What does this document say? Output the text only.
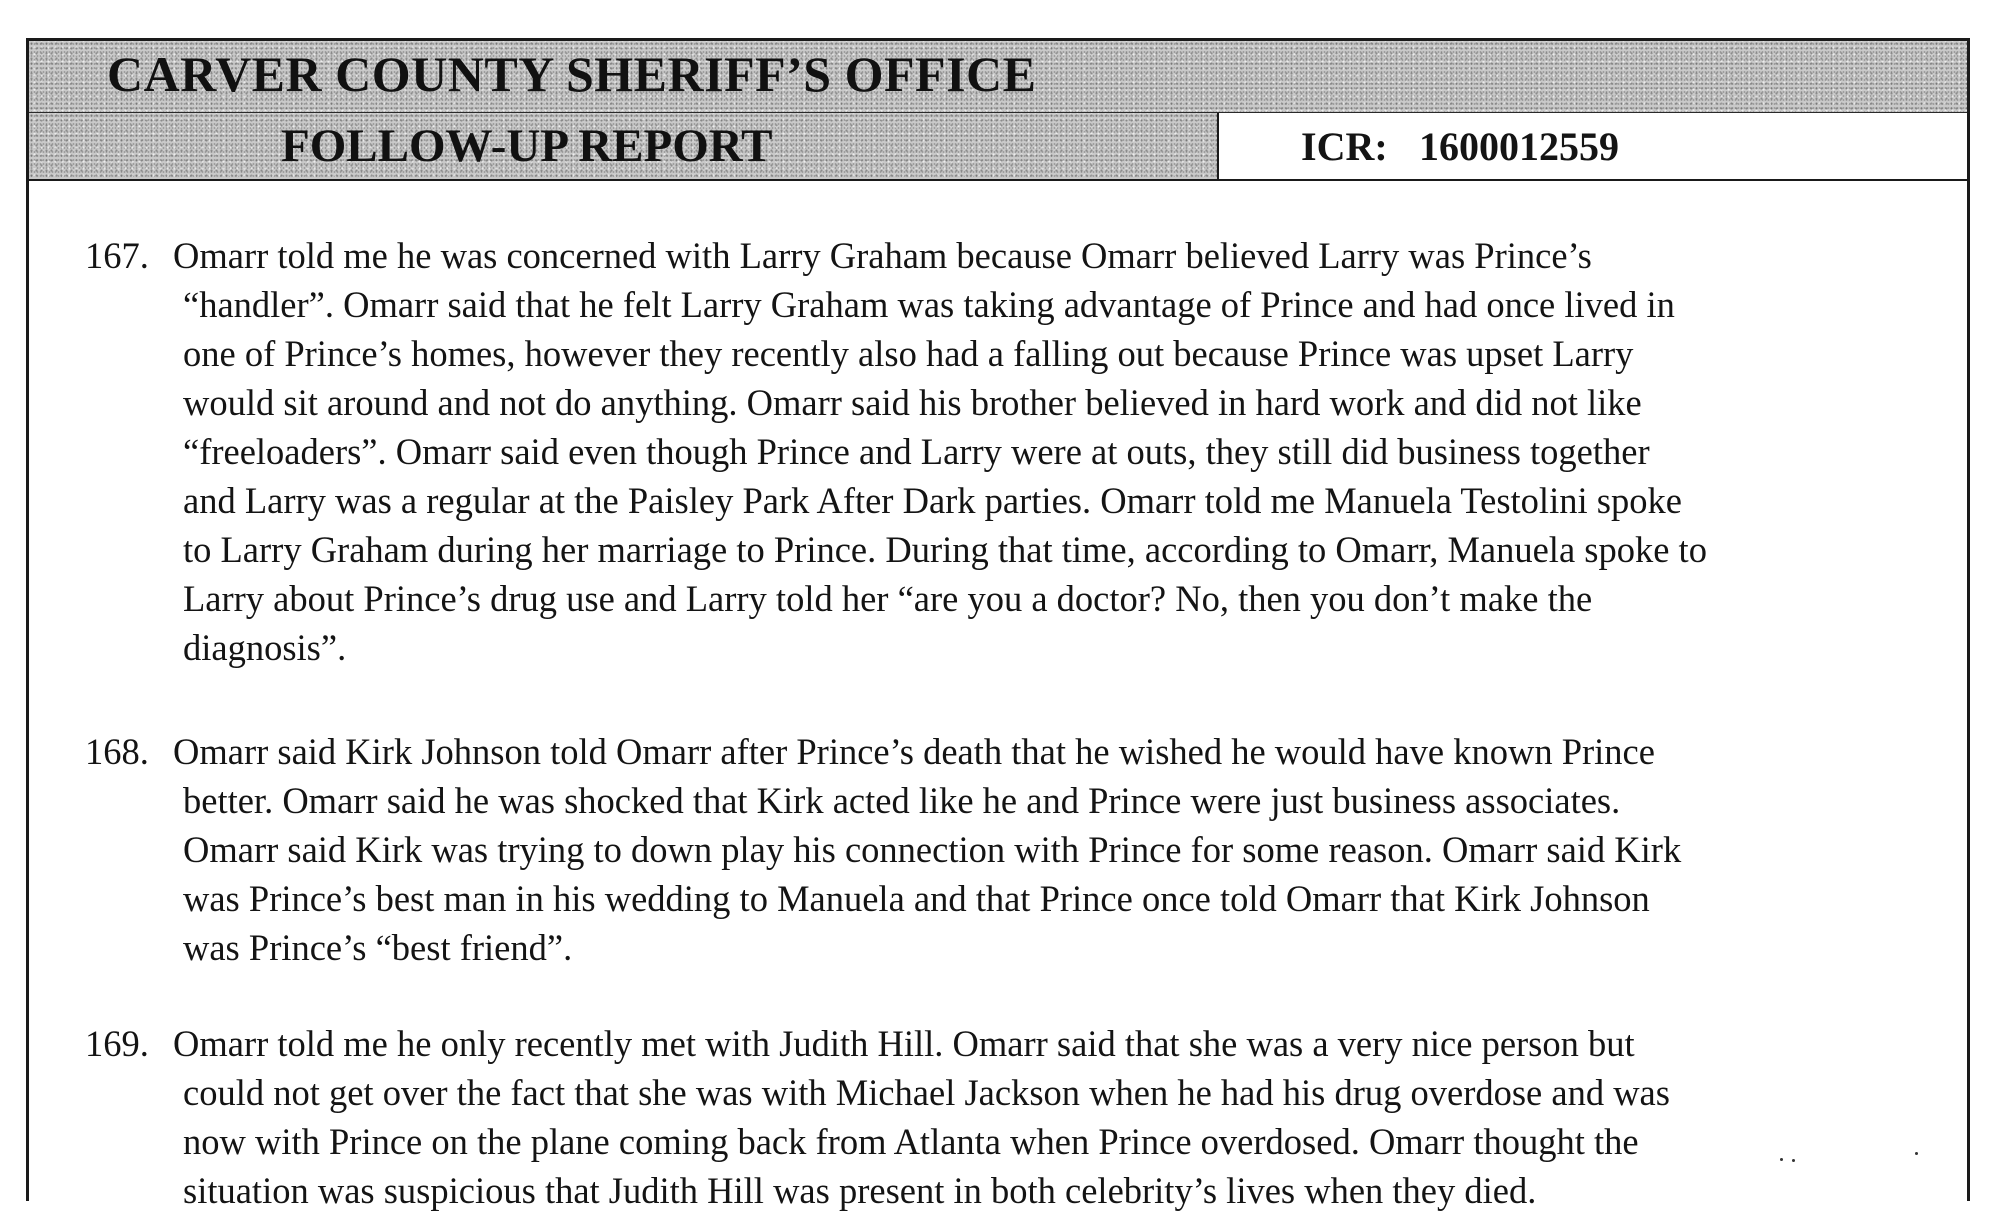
CARVER COUNTY SHERIFF’S OFFICE
FOLLOW-UP REPORT	ICR: 1600012559
167. Omarr told me he was concerned with Larry Graham because Omarr believed Larry was Prince’s
“handler”. Omarr said that he felt Larry Graham was taking advantage of Prince and had once lived in
one of Prince’s homes, however they recently also had a falling out because Prince was upset Larry
would sit around and not do anything. Omarr said his brother believed in hard work and did not like
“freeloaders”. Omarr said even though Prince and Larry were at outs, they still did business together
and Larry was a regular at the Paisley Park After Dark parties. Omarr told me Manuela Testolini spoke
to Larry Graham during her marriage to Prince. During that time, according to Omarr, Manuela spoke to
Larry about Prince’s drug use and Larry told her “are you a doctor? No, then you don’t make the
diagnosis”.
168. Omarr said Kirk Johnson told Omarr after Prince’s death that he wished he would have known Prince
better. Omarr said he was shocked that Kirk acted like he and Prince were just business associates.
Omarr said Kirk was trying to down play his connection with Prince for some reason. Omarr said Kirk
was Prince’s best man in his wedding to Manuela and that Prince once told Omarr that Kirk Johnson
was Prince’s “best friend”.
169. Omarr told me he only recently met with Judith Hill. Omarr said that she was a very nice person but
could not get over the fact that she was with Michael Jackson when he had his drug overdose and was
now with Prince on the plane coming back from Atlanta when Prince overdosed. Omarr thought the
situation was suspicious that Judith Hill was present in both celebrity’s lives when they died.
